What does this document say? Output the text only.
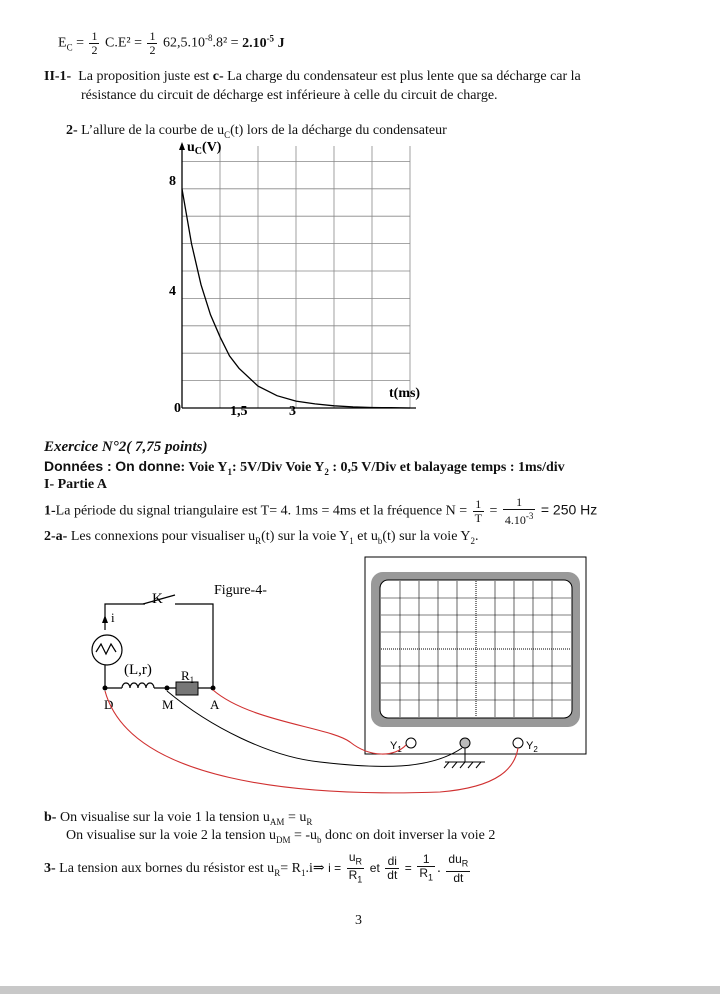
$E_C = \frac{1}{2} C.E^2 = \frac{1}{2} 62,5.10^{-8}.8^2 = 2.10^{-5}$ J
II-1- La proposition juste est c- La charge du condensateur est plus lente que sa décharge car la
résistance du circuit de décharge est inférieure à celle du circuit de charge.
2- L’allure de la courbe de $u_C(t)$ lors de la décharge du condensateur
$u_C(V)$
t(ms)
8
4
0	1,5	3
Exercice N°2( 7,75 points)
Données : On donne: Voie $Y_1$: 5V/Div Voie $Y_2$ : 0,5 V/Div et balayage temps : 1ms/div
I- Partie A
1-La période du signal triangulaire est T= 4. 1ms = 4ms et la fréquence $N = \frac{1}{T} = \frac{1}{4.10^{-3}} = 250$ Hz
2-a- Les connexions pour visualiser $u_R(t)$ sur la voie $Y_1$ et $u_b(t)$ sur la voie $Y_2$.
K
i
(L,r) $R_1$
D	M	A
Figure-4-
$Y_1$	$Y_2$
b- On visualise sur la voie 1 la tension $u_{AM} = u_R$
On visualise sur la voie 2 la tension $u_{DM} = -u_b$ donc on doit inverser la voie 2
3- La tension aux bornes du résistor est $u_R=$ $R_1.i\Rightarrow$ $i = \frac{u_R}{R_1}$ et $\frac{di}{dt} = \frac{1}{R_1}$ . $\frac{du_R}{dt}$
3
